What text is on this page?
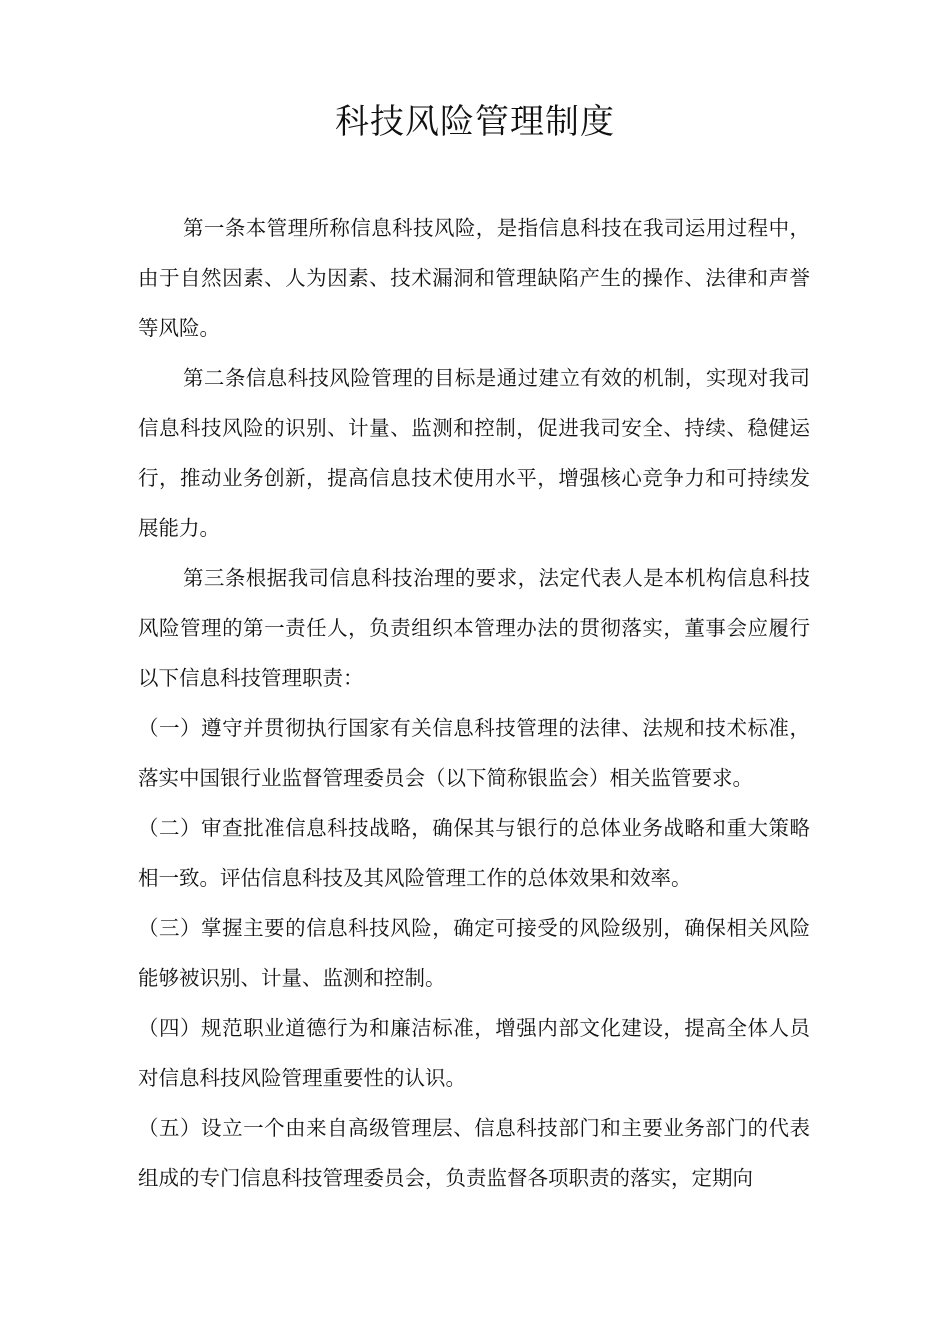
科技风险管理制度

第一条本管理所称信息科技风险，是指信息科技在我司运用过程中，由于自然因素、人为因素、技术漏洞和管理缺陷产生的操作、法律和声誉等风险。

第二条信息科技风险管理的目标是通过建立有效的机制，实现对我司信息科技风险的识别、计量、监测和控制，促进我司安全、持续、稳健运行，推动业务创新，提高信息技术使用水平，增强核心竞争力和可持续发展能力。

第三条根据我司信息科技治理的要求，法定代表人是本机构信息科技风险管理的第一责任人，负责组织本管理办法的贯彻落实，董事会应履行以下信息科技管理职责：

（一）遵守并贯彻执行国家有关信息科技管理的法律、法规和技术标准，落实中国银行业监督管理委员会（以下简称银监会）相关监管要求。

（二）审查批准信息科技战略，确保其与银行的总体业务战略和重大策略相一致。评估信息科技及其风险管理工作的总体效果和效率。

（三）掌握主要的信息科技风险，确定可接受的风险级别，确保相关风险能够被识别、计量、监测和控制。

（四）规范职业道德行为和廉洁标准，增强内部文化建设，提高全体人员对信息科技风险管理重要性的认识。

（五）设立一个由来自高级管理层、信息科技部门和主要业务部门的代表组成的专门信息科技管理委员会，负责监督各项职责的落实，定期向
